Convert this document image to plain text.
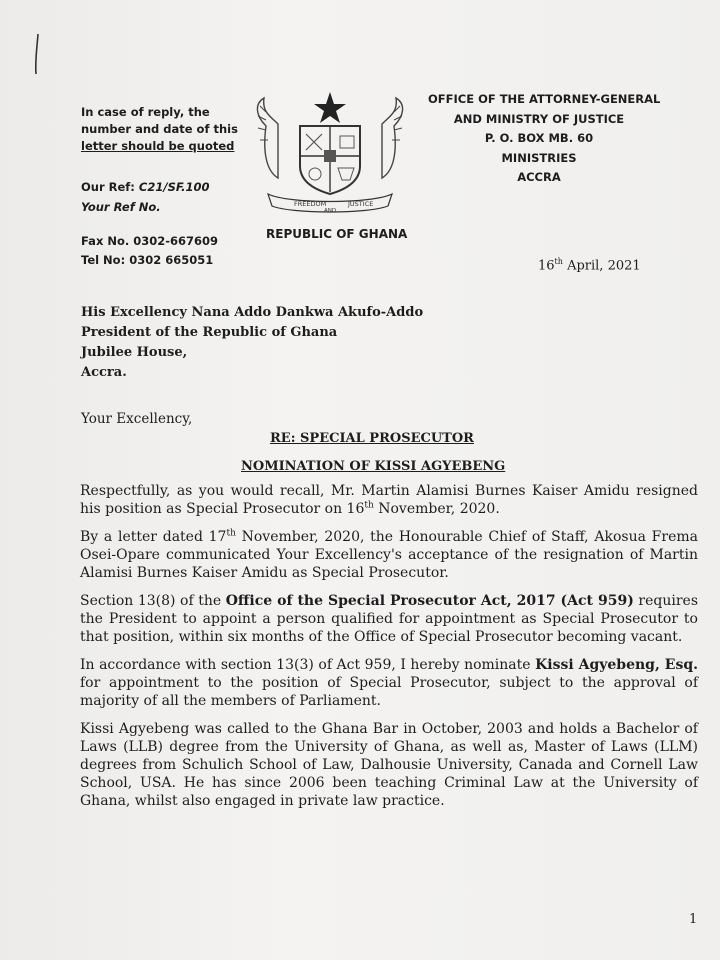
In case of reply, the
number and date of this
letter should be quoted
Our Ref: C21/SF.100
Your Ref No.
Fax No. 0302-667609
Tel No: 0302 665051
FREEDOM	JUSTICE
AND
REPUBLIC OF GHANA
OFFICE OF THE ATTORNEY-GENERAL
AND MINISTRY OF JUSTICE
P. O. BOX MB. 60
MINISTRIES
ACCRA
16th April, 2021
His Excellency Nana Addo Dankwa Akufo-Addo
President of the Republic of Ghana
Jubilee House,
Accra.
Your Excellency,
RE: SPECIAL PROSECUTOR
NOMINATION OF KISSI AGYEBENG

Respectfully, as you would recall, Mr. Martin Alamisi Burnes Kaiser Amidu resigned his position as Special Prosecutor on 16th November, 2020.

By a letter dated 17th November, 2020, the Honourable Chief of Staff, Akosua Frema Osei-Opare communicated Your Excellency's acceptance of the resignation of Martin Alamisi Burnes Kaiser Amidu as Special Prosecutor.

Section 13(8) of the Office of the Special Prosecutor Act, 2017 (Act 959) requires the President to appoint a person qualified for appointment as Special Prosecutor to that position, within six months of the Office of Special Prosecutor becoming vacant.

In accordance with section 13(3) of Act 959, I hereby nominate Kissi Agyebeng, Esq. for appointment to the position of Special Prosecutor, subject to the approval of majority of all the members of Parliament.

Kissi Agyebeng was called to the Ghana Bar in October, 2003 and holds a Bachelor of Laws (LLB) degree from the University of Ghana, as well as, Master of Laws (LLM) degrees from Schulich School of Law, Dalhousie University, Canada and Cornell Law School, USA. He has since 2006 been teaching Criminal Law at the University of Ghana, whilst also engaged in private law practice.

1
